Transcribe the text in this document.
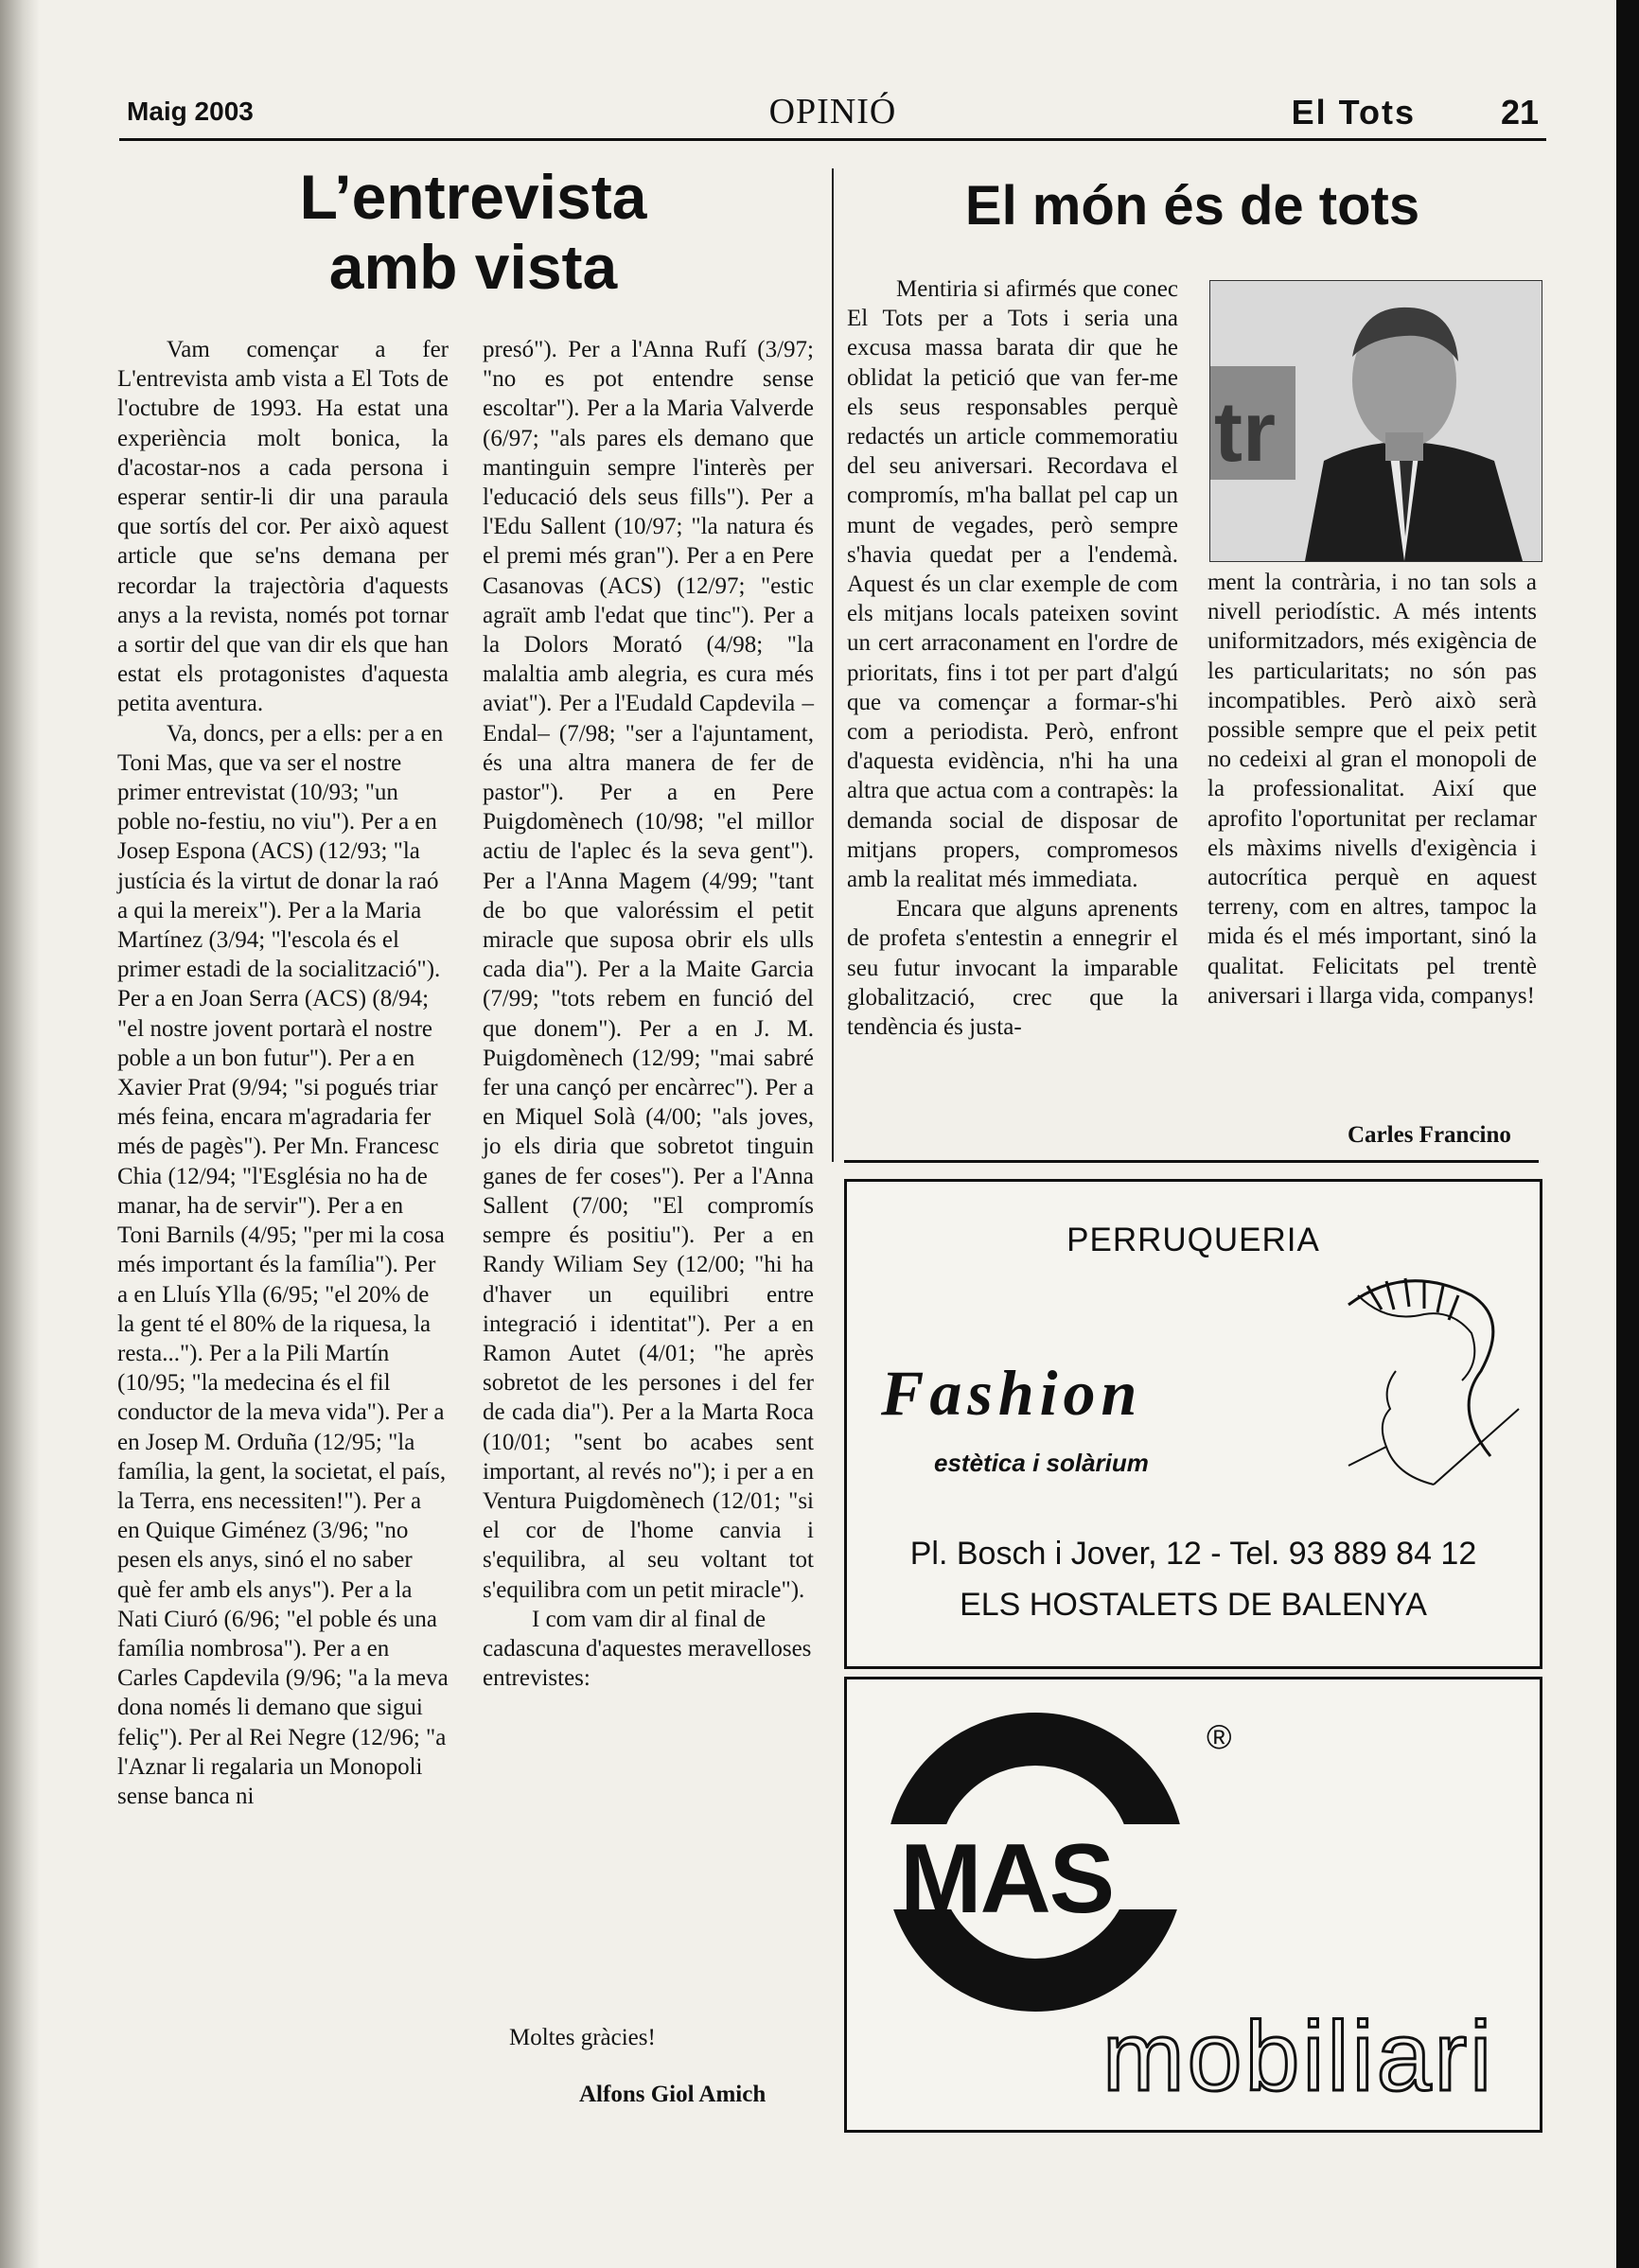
Maig 2003	OPINIÓ	El Tots 21
L’entrevista
amb vista

Vam començar a fer L'entrevista amb vista a El Tots de l'octubre de 1993. Ha estat una experiència molt bonica, la d'acostar-nos a cada persona i esperar sentir-li dir una paraula que sortís del cor. Per això aquest article que se'ns demana per recordar la trajectòria d'aquests anys a la revista, només pot tornar a sortir del que van dir els que han estat els protagonistes d'aquesta petita aventura.

Va, doncs, per a ells: per a en Toni Mas, que va ser el nostre primer entrevistat (10/93; "un poble no-festiu, no viu"). Per a en Josep Espona (ACS) (12/93; "la justícia és la virtut de donar la raó a qui la mereix"). Per a la Maria Martínez (3/94; "l'escola és el primer estadi de la socialització"). Per a en Joan Serra (ACS) (8/94; "el nostre jovent portarà el nostre poble a un bon futur"). Per a en Xavier Prat (9/94; "si pogués triar més feina, encara m'agradaria fer més de pagès"). Per Mn. Francesc Chia (12/94; "l'Església no ha de manar, ha de servir"). Per a en Toni Barnils (4/95; "per mi la cosa més important és la família"). Per a en Lluís Ylla (6/95; "el 20% de la gent té el 80% de la riquesa, la resta..."). Per a la Pili Martín (10/95; "la medecina és el fil conductor de la meva vida"). Per a en Josep M. Orduña (12/95; "la família, la gent, la societat, el país, la Terra, ens necessiten!"). Per a en Quique Giménez (3/96; "no pesen els anys, sinó el no saber què fer amb els anys"). Per a la Nati Ciuró (6/96; "el poble és una família nombrosa"). Per a en Carles Capdevila (9/96; "a la meva dona només li demano que sigui feliç"). Per al Rei Negre (12/96; "a l'Aznar li regalaria un Monopoli sense banca ni

presó"). Per a l'Anna Rufí (3/97; "no es pot entendre sense escoltar"). Per a la Maria Valverde (6/97; "als pares els demano que mantinguin sempre l'interès per l'educació dels seus fills"). Per a l'Edu Sallent (10/97; "la natura és el premi més gran"). Per a en Pere Casanovas (ACS) (12/97; "estic agraït amb l'edat que tinc"). Per a la Dolors Morató (4/98; "la malaltia amb alegria, es cura més aviat"). Per a l'Eudald Capdevila –Endal– (7/98; "ser a l'ajuntament, és una altra manera de fer de pastor"). Per a en Pere Puigdomènech (10/98; "el millor actiu de l'aplec és la seva gent"). Per a l'Anna Magem (4/99; "tant de bo que valoréssim el petit miracle que suposa obrir els ulls cada dia"). Per a la Maite Garcia (7/99; "tots rebem en funció del que donem"). Per a en J. M. Puigdomènech (12/99; "mai sabré fer una cançó per encàrrec"). Per a en Miquel Solà (4/00; "als joves, jo els diria que sobretot tinguin ganes de fer coses"). Per a l'Anna Sallent (7/00; "El compromís sempre és positiu"). Per a en Randy Wiliam Sey (12/00; "hi ha d'haver un equilibri entre integració i identitat"). Per a en Ramon Autet (4/01; "he après sobretot de les persones i del fer de cada dia"). Per a la Marta Roca (10/01; "sent bo acabes sent important, al revés no"); i per a en Ventura Puigdomènech (12/01; "si el cor de l'home canvia i s'equilibra, al seu voltant tot s'equilibra com un petit miracle").

I com vam dir al final de cadascuna d'aquestes meravelloses entrevistes:

Moltes gràcies!
Alfons Giol Amich
El món és de tots

Mentiria si afirmés que conec El Tots per a Tots i seria una excusa massa barata dir que he oblidat la petició que van fer-me els seus responsables perquè redactés un article commemoratiu del seu aniversari. Recordava el compromís, m'ha ballat pel cap un munt de vegades, però sempre s'havia quedat per a l'endemà. Aquest és un clar exemple de com els mitjans locals pateixen sovint un cert arraconament en l'ordre de prioritats, fins i tot per part d'algú que va començar a formar-s'hi com a periodista. Però, enfront d'aquesta evidència, n'hi ha una altra que actua com a contrapès: la demanda social de disposar de mitjans propers, compromesos amb la realitat més immediata.

Encara que alguns aprenents de profeta s'entestin a ennegrir el seu futur invocant la imparable globalització, crec que la tendència és justa-

tr

ment la contrària, i no tan sols a nivell periodístic. A més intents uniformitzadors, més exigència de les particularitats; no són pas incompatibles. Però això serà possible sempre que el peix petit no cedeixi al gran el monopoli de la professionalitat. Així que aprofito l'oportunitat per reclamar els màxims nivells d'exigència i autocrítica perquè en aquest terreny, com en altres, tampoc la mida és el més important, sinó la qualitat. Felicitats pel trentè aniversari i llarga vida, companys!

Carles Francino
PERRUQUERIA
Fashion
estètica i solàrium
Pl. Bosch i Jover, 12 - Tel. 93 889 84 12
ELS HOSTALETS DE BALENYA
MAS
®
mobiliari
